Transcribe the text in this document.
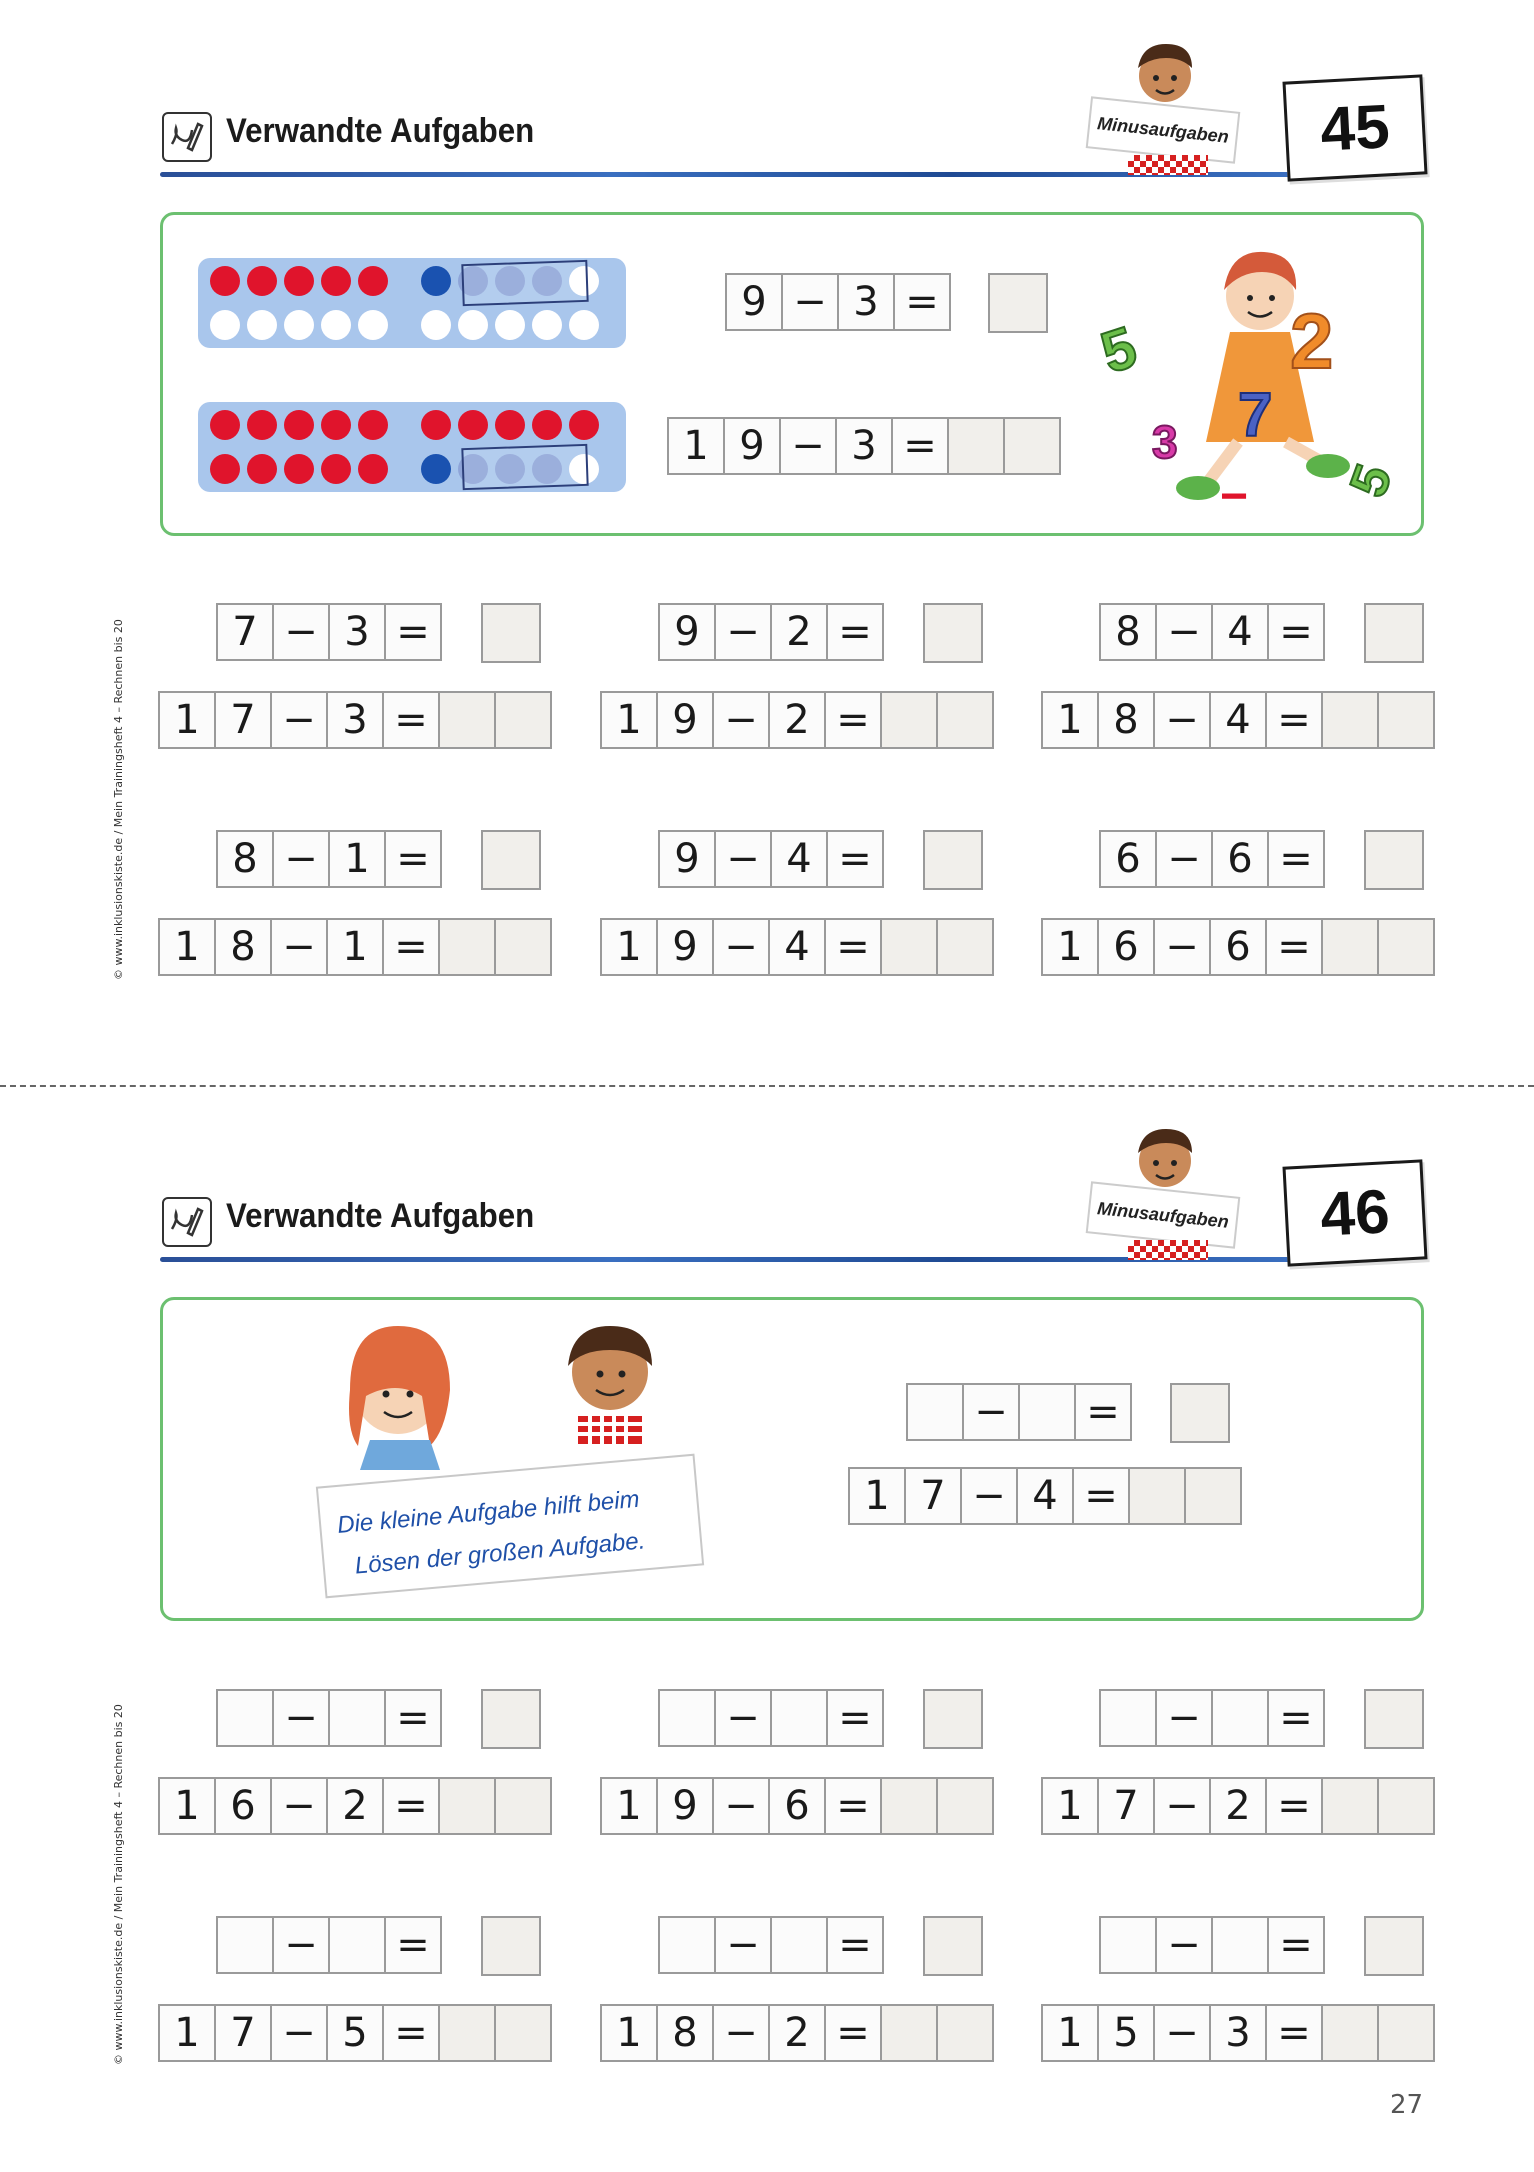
© www.inklusionskiste.de / Mein Trainingsheft 4 – Rechnen bis 20
© www.inklusionskiste.de / Mein Trainingsheft 4 – Rechnen bis 20
Verwandte Aufgaben	Minusaufgaben	45
9 − 3 =
1 9 − 3 =
5 2
7
3
5
−
7 − 3 =
1 7 − 3 =
9 − 2 =
1 9 − 2 =
8 − 4 =
1 8 − 4 =
8 − 1 =
1 8 − 1 =
9 − 4 =
1 9 − 4 =
6 − 6 =
1 6 − 6 =
Verwandte Aufgaben	Minusaufgaben	46
Die kleine Aufgabe hilft beim
Lösen der großen Aufgabe.
−	=
1 7 − 4 =
−	=
1 6 − 2 =
−	=
1 9 − 6 =
−	=
1 7 − 2 =
−	=
1 7 − 5 =
−	=
1 8 − 2 =
−	=
1 5 − 3 =
27
